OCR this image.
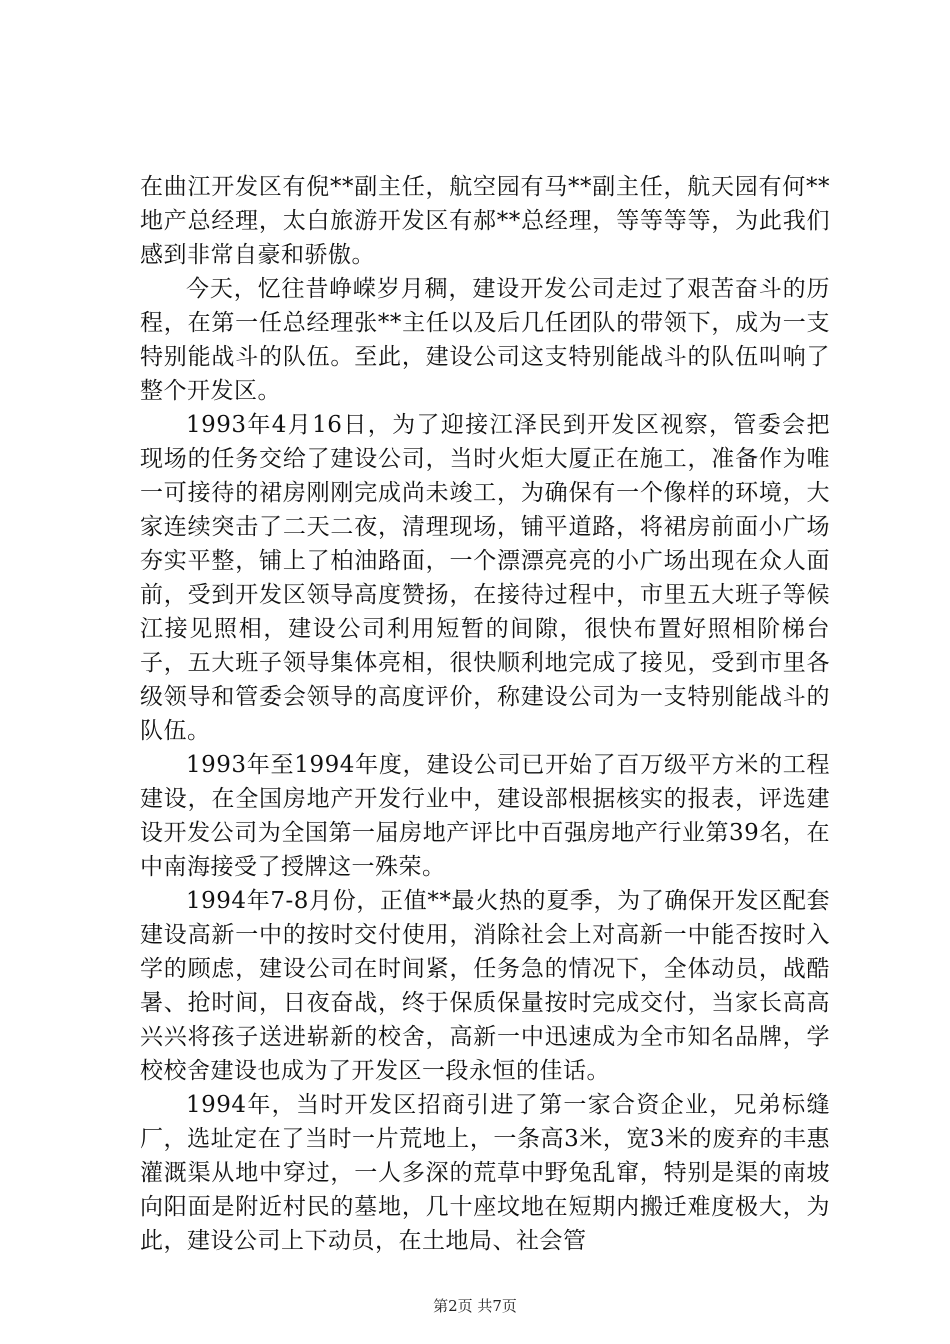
在曲江开发区有倪**副主任，航空园有马**副主任，航天园有何**地产总经理，太白旅游开发区有郝**总经理，等等等等，为此我们感到非常自豪和骄傲。

今天，忆往昔峥嵘岁月稠，建设开发公司走过了艰苦奋斗的历程，在第一任总经理张**主任以及后几任团队的带领下，成为一支特别能战斗的队伍。至此，建设公司这支特别能战斗的队伍叫响了整个开发区。

1993年4月16日，为了迎接江泽民到开发区视察，管委会把现场的任务交给了建设公司，当时火炬大厦正在施工，准备作为唯一可接待的裙房刚刚完成尚未竣工，为确保有一个像样的环境，大家连续突击了二天二夜，清理现场，铺平道路，将裙房前面小广场夯实平整，铺上了柏油路面，一个漂漂亮亮的小广场出现在众人面前，受到开发区领导高度赞扬，在接待过程中，市里五大班子等候江接见照相，建设公司利用短暂的间隙，很快布置好照相阶梯台子，五大班子领导集体亮相，很快顺利地完成了接见，受到市里各级领导和管委会领导的高度评价，称建设公司为一支特别能战斗的队伍。

1993年至1994年度，建设公司已开始了百万级平方米的工程建设，在全国房地产开发行业中，建设部根据核实的报表，评选建设开发公司为全国第一届房地产评比中百强房地产行业第39名，在中南海接受了授牌这一殊荣。

1994年7-8月份，正值**最火热的夏季，为了确保开发区配套建设高新一中的按时交付使用，消除社会上对高新一中能否按时入学的顾虑，建设公司在时间紧，任务急的情况下，全体动员，战酷暑、抢时间，日夜奋战，终于保质保量按时完成交付，当家长高高兴兴将孩子送进崭新的校舍，高新一中迅速成为全市知名品牌，学校校舍建设也成为了开发区一段永恒的佳话。

1994年，当时开发区招商引进了第一家合资企业，兄弟标缝厂，选址定在了当时一片荒地上，一条高3米，宽3米的废弃的丰惠灌溉渠从地中穿过，一人多深的荒草中野兔乱窜，特别是渠的南坡向阳面是附近村民的墓地，几十座坟地在短期内搬迁难度极大，为此，建设公司上下动员，在土地局、社会管

第2页 共7页
